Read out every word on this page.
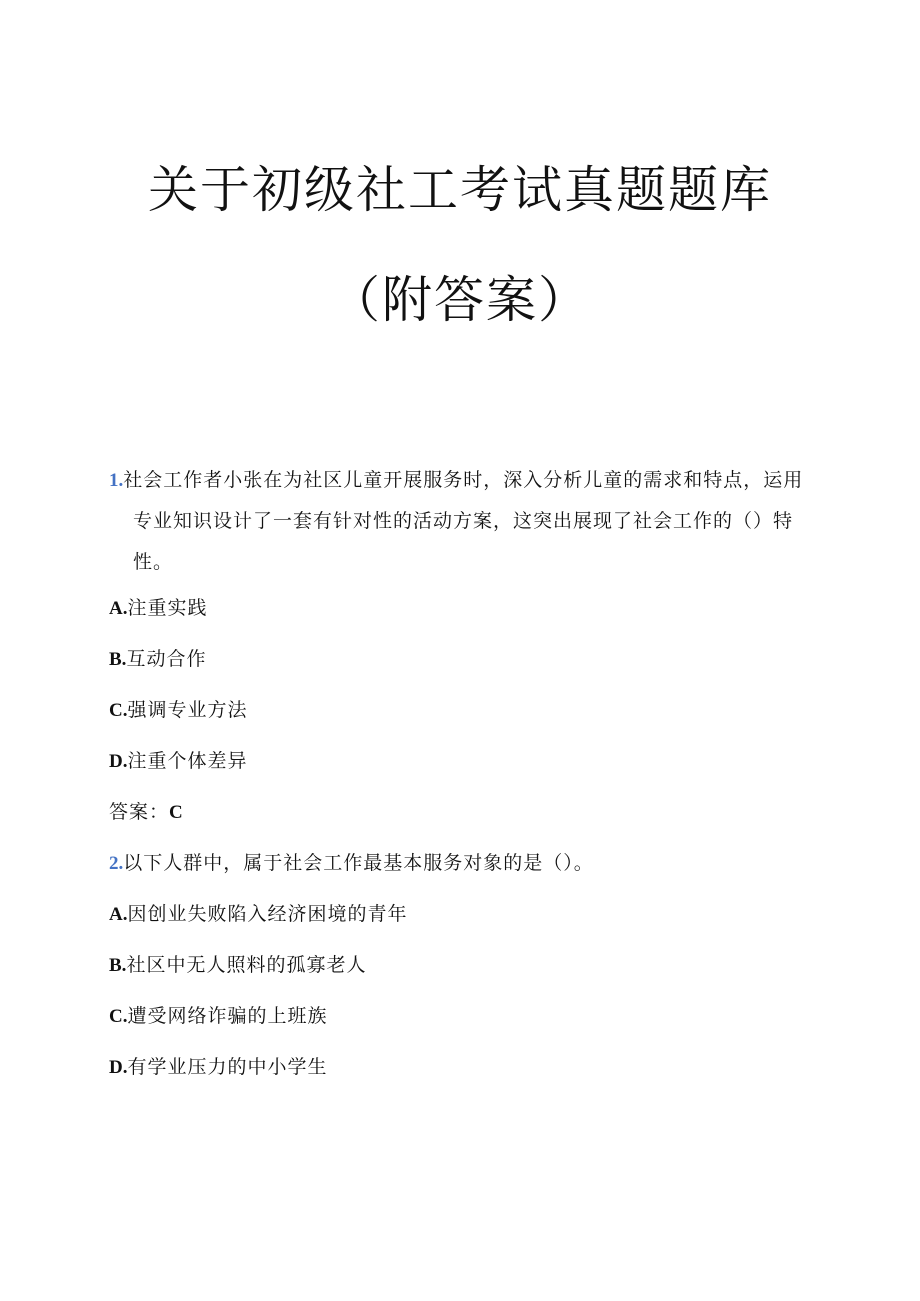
关于初级社工考试真题题库
（附答案）

1.社会工作者小张在为社区儿童开展服务时，深入分析儿童的需求和特点，运用专业知识设计了一套有针对性的活动方案，这突出展现了社会工作的（）特性。

A.注重实践

B.互动合作

C.强调专业方法

D.注重个体差异

答案：C

2.以下人群中，属于社会工作最基本服务对象的是（）。

A.因创业失败陷入经济困境的青年

B.社区中无人照料的孤寡老人

C.遭受网络诈骗的上班族

D.有学业压力的中小学生
